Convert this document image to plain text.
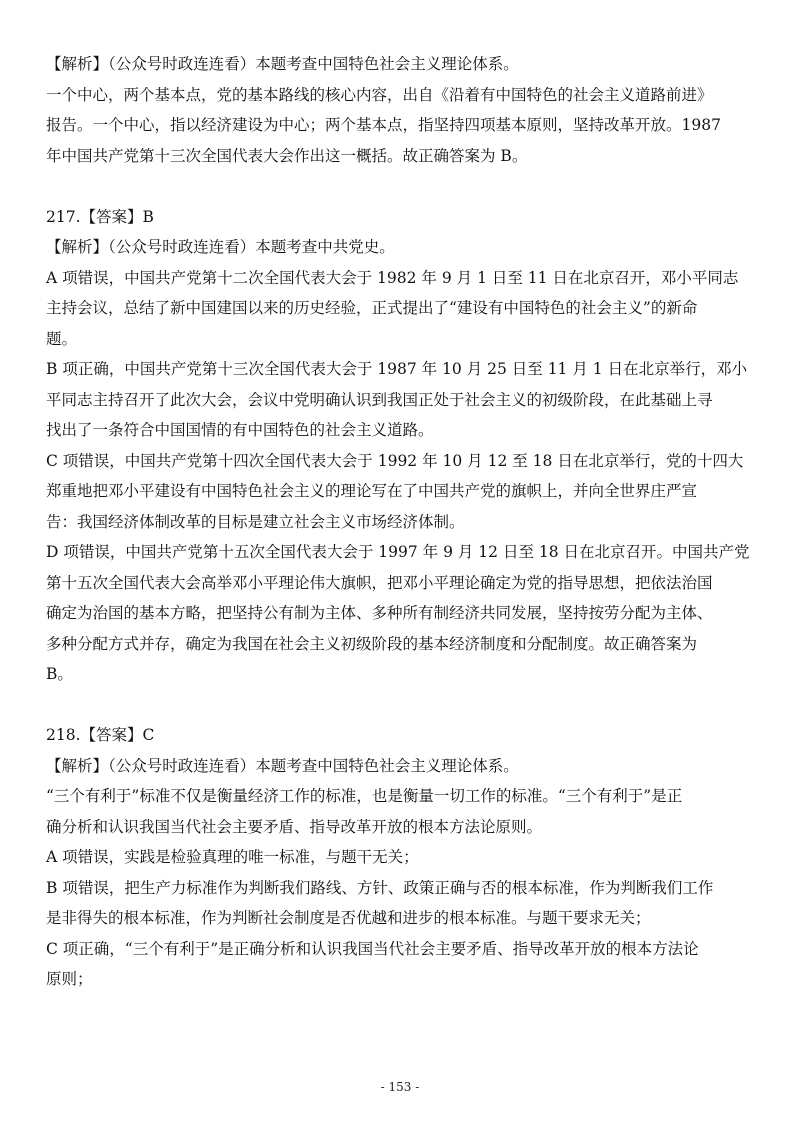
【解析】（公众号时政连连看）本题考查中国特色社会主义理论体系。

一个中心，两个基本点，党的基本路线的核心内容，出自《沿着有中国特色的社会主义道路前进》

报告。一个中心，指以经济建设为中心；两个基本点，指坚持四项基本原则，坚持改革开放。1987

年中国共产党第十三次全国代表大会作出这一概括。故正确答案为 B。

217.【答案】B

【解析】（公众号时政连连看）本题考查中共党史。

A 项错误，中国共产党第十二次全国代表大会于 1982 年 9 月 1 日至 11 日在北京召开，邓小平同志

主持会议，总结了新中国建国以来的历史经验，正式提出了“建设有中国特色的社会主义”的新命

题。

B 项正确，中国共产党第十三次全国代表大会于 1987 年 10 月 25 日至 11 月 1 日在北京举行，邓小

平同志主持召开了此次大会，会议中党明确认识到我国正处于社会主义的初级阶段，在此基础上寻

找出了一条符合中国国情的有中国特色的社会主义道路。

C 项错误，中国共产党第十四次全国代表大会于 1992 年 10 月 12 至 18 日在北京举行，党的十四大

郑重地把邓小平建设有中国特色社会主义的理论写在了中国共产党的旗帜上，并向全世界庄严宣

告：我国经济体制改革的目标是建立社会主义市场经济体制。

D 项错误，中国共产党第十五次全国代表大会于 1997 年 9 月 12 日至 18 日在北京召开。中国共产党

第十五次全国代表大会高举邓小平理论伟大旗帜，把邓小平理论确定为党的指导思想，把依法治国

确定为治国的基本方略，把坚持公有制为主体、多种所有制经济共同发展，坚持按劳分配为主体、

多种分配方式并存，确定为我国在社会主义初级阶段的基本经济制度和分配制度。故正确答案为

B。

218.【答案】C

【解析】（公众号时政连连看）本题考查中国特色社会主义理论体系。

“三个有利于”标准不仅是衡量经济工作的标准，也是衡量一切工作的标准。“三个有利于”是正

确分析和认识我国当代社会主要矛盾、指导改革开放的根本方法论原则。

A 项错误，实践是检验真理的唯一标准，与题干无关；

B 项错误，把生产力标准作为判断我们路线、方针、政策正确与否的根本标准，作为判断我们工作

是非得失的根本标准，作为判断社会制度是否优越和进步的根本标准。与题干要求无关；

C 项正确，“三个有利于”是正确分析和认识我国当代社会主要矛盾、指导改革开放的根本方法论

原则；

- 153 -
